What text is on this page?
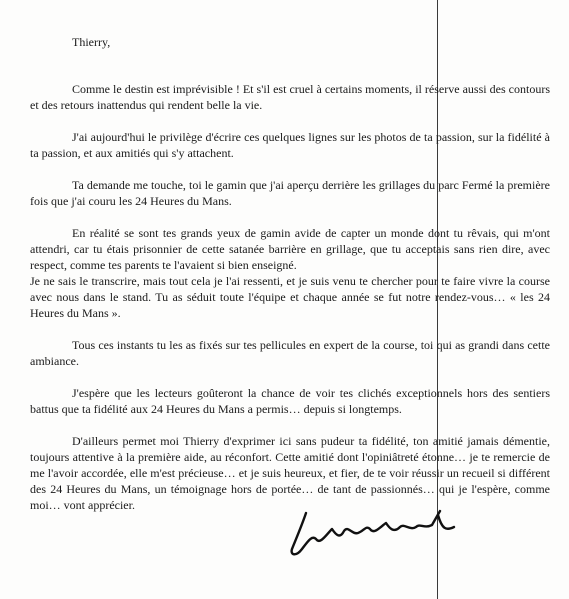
Thierry,

Comme le destin est imprévisible ! Et s'il est cruel à certains moments, il réserve aussi des contours et des retours inattendus qui rendent belle la vie.

J'ai aujourd'hui le privilège d'écrire ces quelques lignes sur les photos de ta passion, sur la fidélité à ta passion, et aux amitiés qui s'y attachent.

Ta demande me touche, toi le gamin que j'ai aperçu derrière les grillages du parc Fermé la première fois que j'ai couru les 24 Heures du Mans.

En réalité se sont tes grands yeux de gamin avide de capter un monde dont tu rêvais, qui m'ont attendri, car tu étais prisonnier de cette satanée barrière en grillage, que tu acceptais sans rien dire, avec respect, comme tes parents te l'avaient si bien enseigné.

Je ne sais le transcrire, mais tout cela je l'ai ressenti, et je suis venu te chercher pour te faire vivre la course avec nous dans le stand. Tu as séduit toute l'équipe et chaque année se fut notre rendez-vous… « les 24 Heures du Mans ».

Tous ces instants tu les as fixés sur tes pellicules en expert de la course, toi qui as grandi dans cette ambiance.

J'espère que les lecteurs goûteront la chance de voir tes clichés exceptionnels hors des sentiers battus que ta fidélité aux 24 Heures du Mans a permis… depuis si longtemps.

D'ailleurs permet moi Thierry d'exprimer ici sans pudeur ta fidélité, ton amitié jamais démentie, toujours attentive à la première aide, au réconfort. Cette amitié dont l'opiniâtreté étonne… je te remercie de me l'avoir accordée, elle m'est précieuse… et je suis heureux, et fier, de te voir réussir un recueil si différent des 24 Heures du Mans, un témoignage hors de portée… de tant de passionnés… qui je l'espère, comme moi… vont apprécier.
